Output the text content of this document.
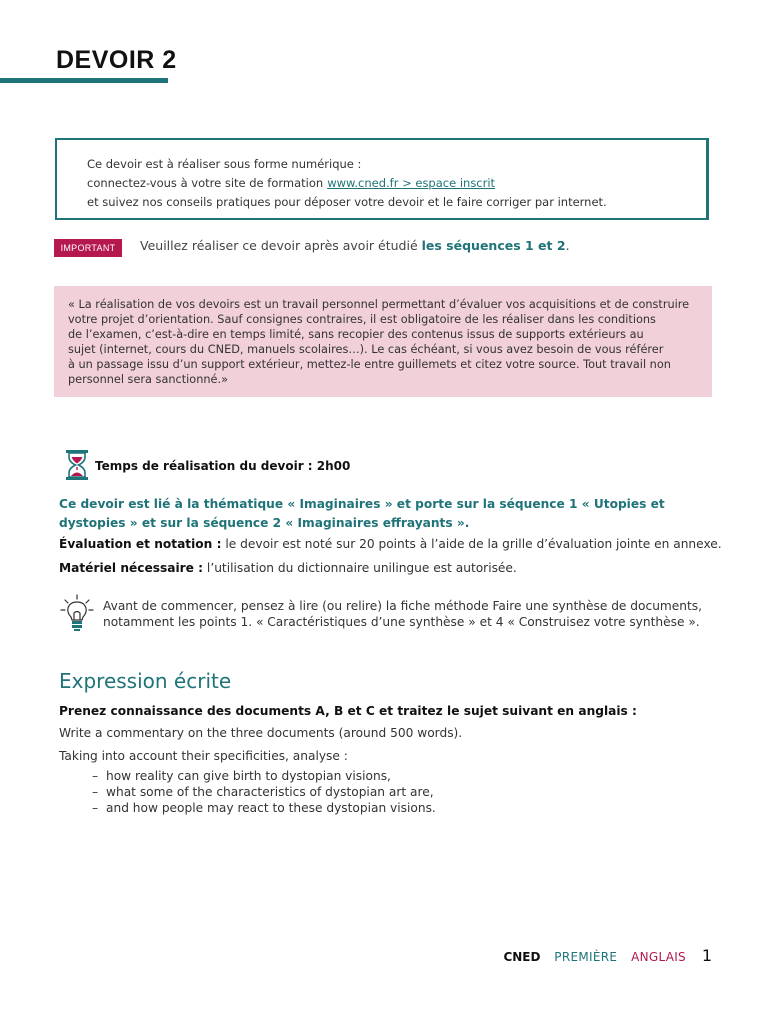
DEVOIR 2

Ce devoir est à réaliser sous forme numérique :

connectez-vous à votre site de formation www.cned.fr > espace inscrit

et suivez nos conseils pratiques pour déposer votre devoir et le faire corriger par internet.

IMPORTANT	Veuillez réaliser ce devoir après avoir étudié les séquences 1 et 2.

« La réalisation de vos devoirs est un travail personnel permettant d’évaluer vos acquisitions et de construire

votre projet d’orientation. Sauf consignes contraires, il est obligatoire de les réaliser dans les conditions

de l’examen, c’est-à-dire en temps limité, sans recopier des contenus issus de supports extérieurs au

sujet (internet, cours du CNED, manuels scolaires…). Le cas échéant, si vous avez besoin de vous référer

à un passage issu d’un support extérieur, mettez-le entre guillemets et citez votre source. Tout travail non

personnel sera sanctionné.»

Temps de réalisation du devoir : 2h00

Ce devoir est lié à la thématique « Imaginaires » et porte sur la séquence 1 « Utopies et dystopies » et sur la séquence 2 « Imaginaires effrayants ».

Évaluation et notation : le devoir est noté sur 20 points à l’aide de la grille d’évaluation jointe en annexe.
Matériel nécessaire : l’utilisation du dictionnaire unilingue est autorisée.

Avant de commencer, pensez à lire (ou relire) la fiche méthode Faire une synthèse de documents,
notamment les points 1. « Caractéristiques d’une synthèse » et 4 « Construisez votre synthèse ».

Expression écrite
Prenez connaissance des documents A, B et C et traitez le sujet suivant en anglais :
Write a commentary on the three documents (around 500 words).
Taking into account their specificities, analyse :
– how reality can give birth to dystopian visions,
– what some of the characteristics of dystopian art are,
– and how people may react to these dystopian visions.
CNED PREMIÈRE ANGLAIS 1
